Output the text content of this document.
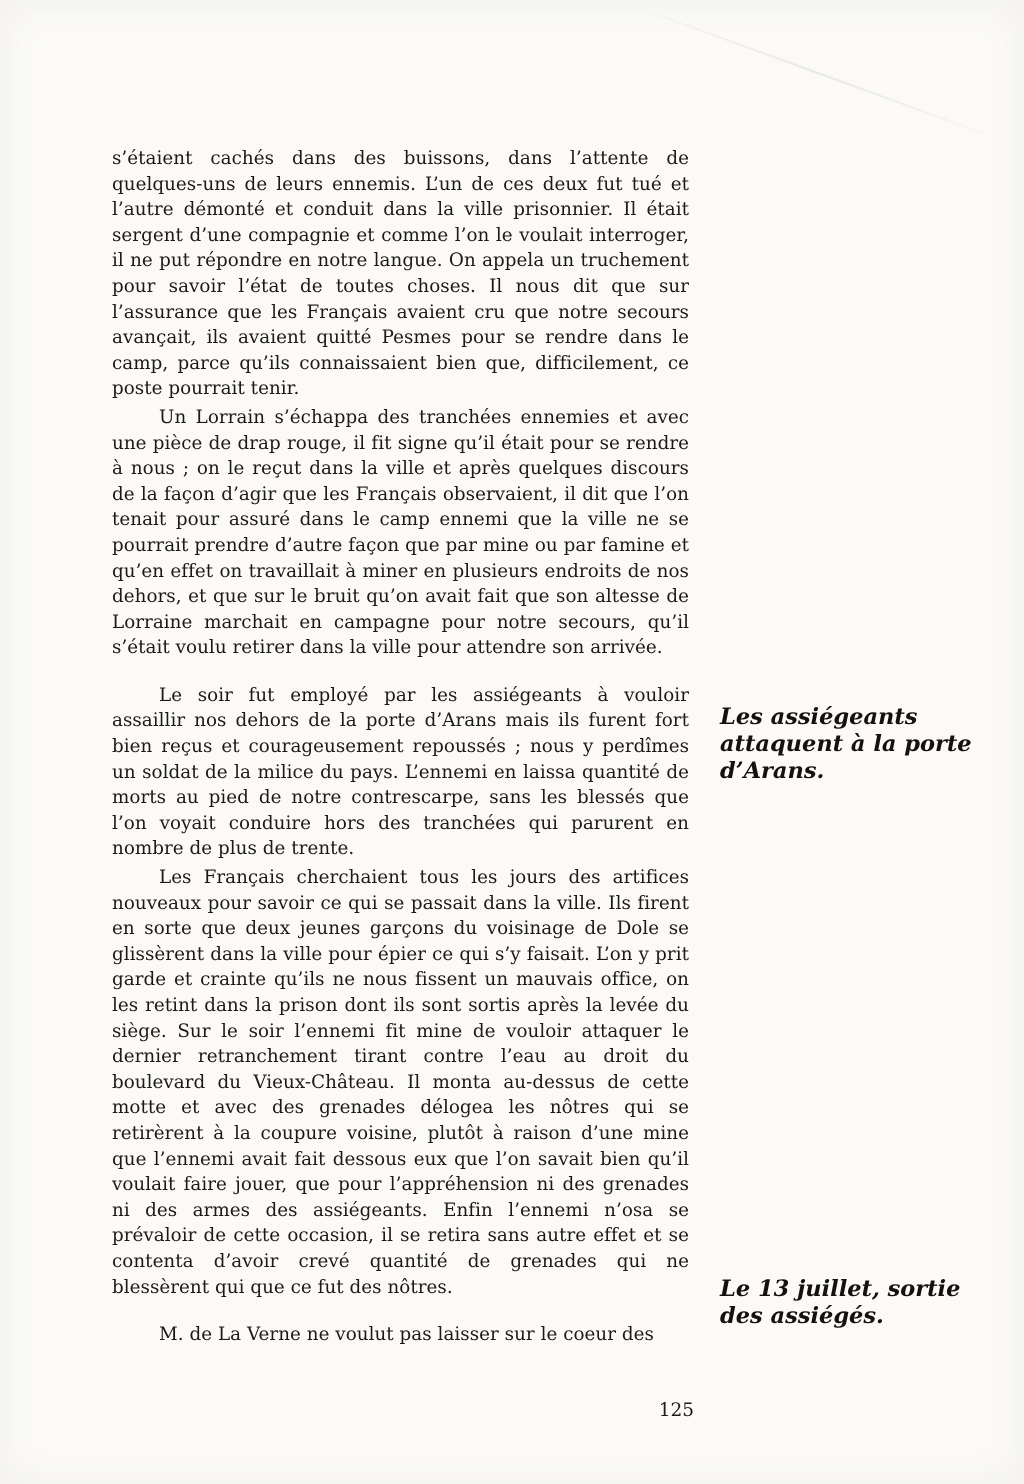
s’étaient cachés dans des buissons, dans l’attente de quelques-uns de leurs ennemis. L’un de ces deux fut tué et l’autre démonté et conduit dans la ville prisonnier. Il était sergent d’une compagnie et comme l’on le voulait interroger, il ne put répondre en notre langue. On appela un truchement pour savoir l’état de toutes choses. Il nous dit que sur l’assurance que les Français avaient cru que notre secours avançait, ils avaient quitté Pesmes pour se rendre dans le camp, parce qu’ils connaissaient bien que, difficilement, ce poste pourrait tenir.

Un Lorrain s’échappa des tranchées ennemies et avec une pièce de drap rouge, il fit signe qu’il était pour se rendre à nous ; on le reçut dans la ville et après quelques discours de la façon d’agir que les Français observaient, il dit que l’on tenait pour assuré dans le camp ennemi que la ville ne se pourrait prendre d’autre façon que par mine ou par famine et qu’en effet on travaillait à miner en plusieurs endroits de nos dehors, et que sur le bruit qu’on avait fait que son altesse de Lorraine marchait en campagne pour notre secours, qu’il s’était voulu retirer dans la ville pour attendre son arrivée.

Le soir fut employé par les assiégeants à vouloir assaillir nos dehors de la porte d’Arans mais ils furent fort bien reçus et courageusement repoussés ; nous y perdîmes un soldat de la milice du pays. L’ennemi en laissa quantité de morts au pied de notre contrescarpe, sans les blessés que l’on voyait conduire hors des tranchées qui parurent en nombre de plus de trente.

Les Français cherchaient tous les jours des artifices nouveaux pour savoir ce qui se passait dans la ville. Ils firent en sorte que deux jeunes garçons du voisinage de Dole se glissèrent dans la ville pour épier ce qui s’y faisait. L’on y prit garde et crainte qu’ils ne nous fissent un mauvais office, on les retint dans la prison dont ils sont sortis après la levée du siège. Sur le soir l’ennemi fit mine de vouloir attaquer le dernier retranchement tirant contre l’eau au droit du boulevard du Vieux-Château. Il monta au-dessus de cette motte et avec des grenades délogea les nôtres qui se retirèrent à la coupure voisine, plutôt à raison d’une mine que l’ennemi avait fait dessous eux que l’on savait bien qu’il voulait faire jouer, que pour l’appréhension ni des grenades ni des armes des assiégeants. Enfin l’ennemi n’osa se prévaloir de cette occasion, il se retira sans autre effet et se contenta d’avoir crevé quantité de grenades qui ne blessèrent qui que ce fut des nôtres.

M. de La Verne ne voulut pas laisser sur le coeur des

Les assiégeants attaquent à la porte d’Arans.

Le 13 juillet, sortie des assiégés.

125
